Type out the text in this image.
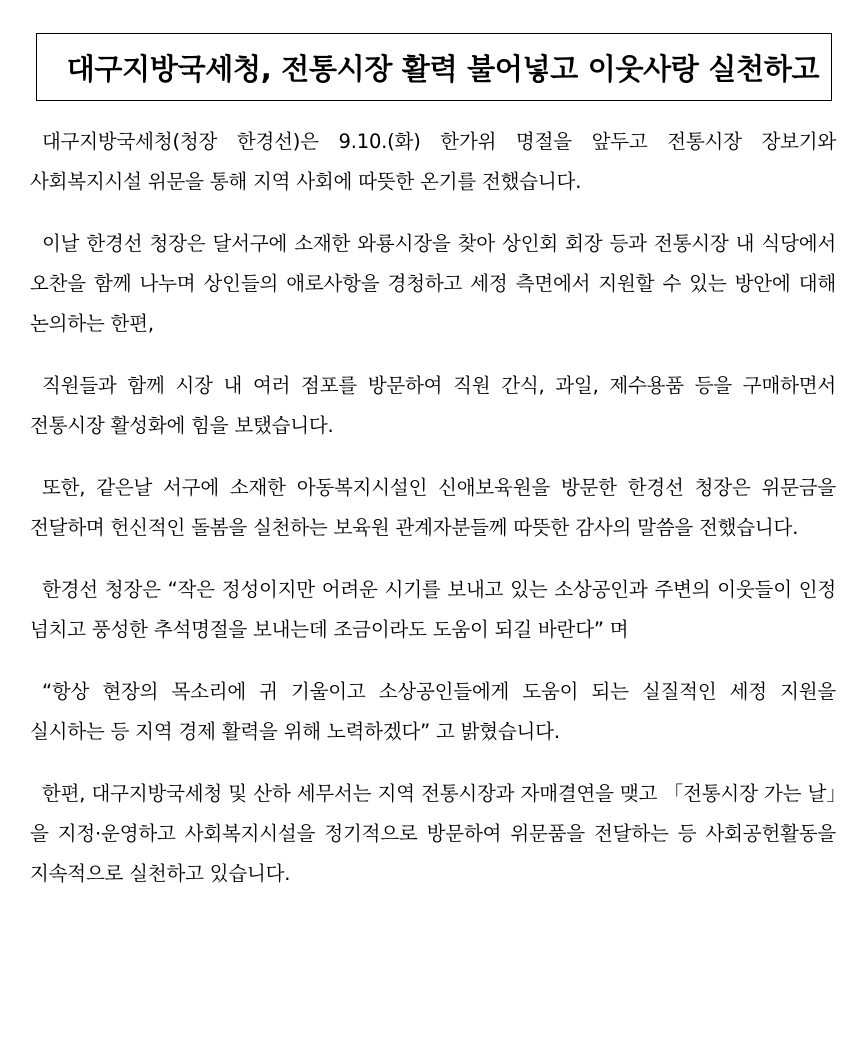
대구지방국세청, 전통시장 활력 불어넣고 이웃사랑 실천하고

대구지방국세청(청장 한경선)은 9.10.(화) 한가위 명절을 앞두고 전통시장 장보기와 사회복지시설 위문을 통해 지역 사회에 따뜻한 온기를 전했습니다.

이날 한경선 청장은 달서구에 소재한 와룡시장을 찾아 상인회 회장 등과 전통시장 내 식당에서 오찬을 함께 나누며 상인들의 애로사항을 경청하고 세정 측면에서 지원할 수 있는 방안에 대해 논의하는 한편,

직원들과 함께 시장 내 여러 점포를 방문하여 직원 간식, 과일, 제수용품 등을 구매하면서 전통시장 활성화에 힘을 보탰습니다.

또한, 같은날 서구에 소재한 아동복지시설인 신애보육원을 방문한 한경선 청장은 위문금을 전달하며 헌신적인 돌봄을 실천하는 보육원 관계자분들께 따뜻한 감사의 말씀을 전했습니다.

한경선 청장은 “작은 정성이지만 어려운 시기를 보내고 있는 소상공인과 주변의 이웃들이 인정 넘치고 풍성한 추석명절을 보내는데 조금이라도 도움이 되길 바란다” 며

“항상 현장의 목소리에 귀 기울이고 소상공인들에게 도움이 되는 실질적인 세정 지원을 실시하는 등 지역 경제 활력을 위해 노력하겠다” 고 밝혔습니다.

한편, 대구지방국세청 및 산하 세무서는 지역 전통시장과 자매결연을 맺고 「전통시장 가는 날」을 지정·운영하고 사회복지시설을 정기적으로 방문하여 위문품을 전달하는 등 사회공헌활동을 지속적으로 실천하고 있습니다.
